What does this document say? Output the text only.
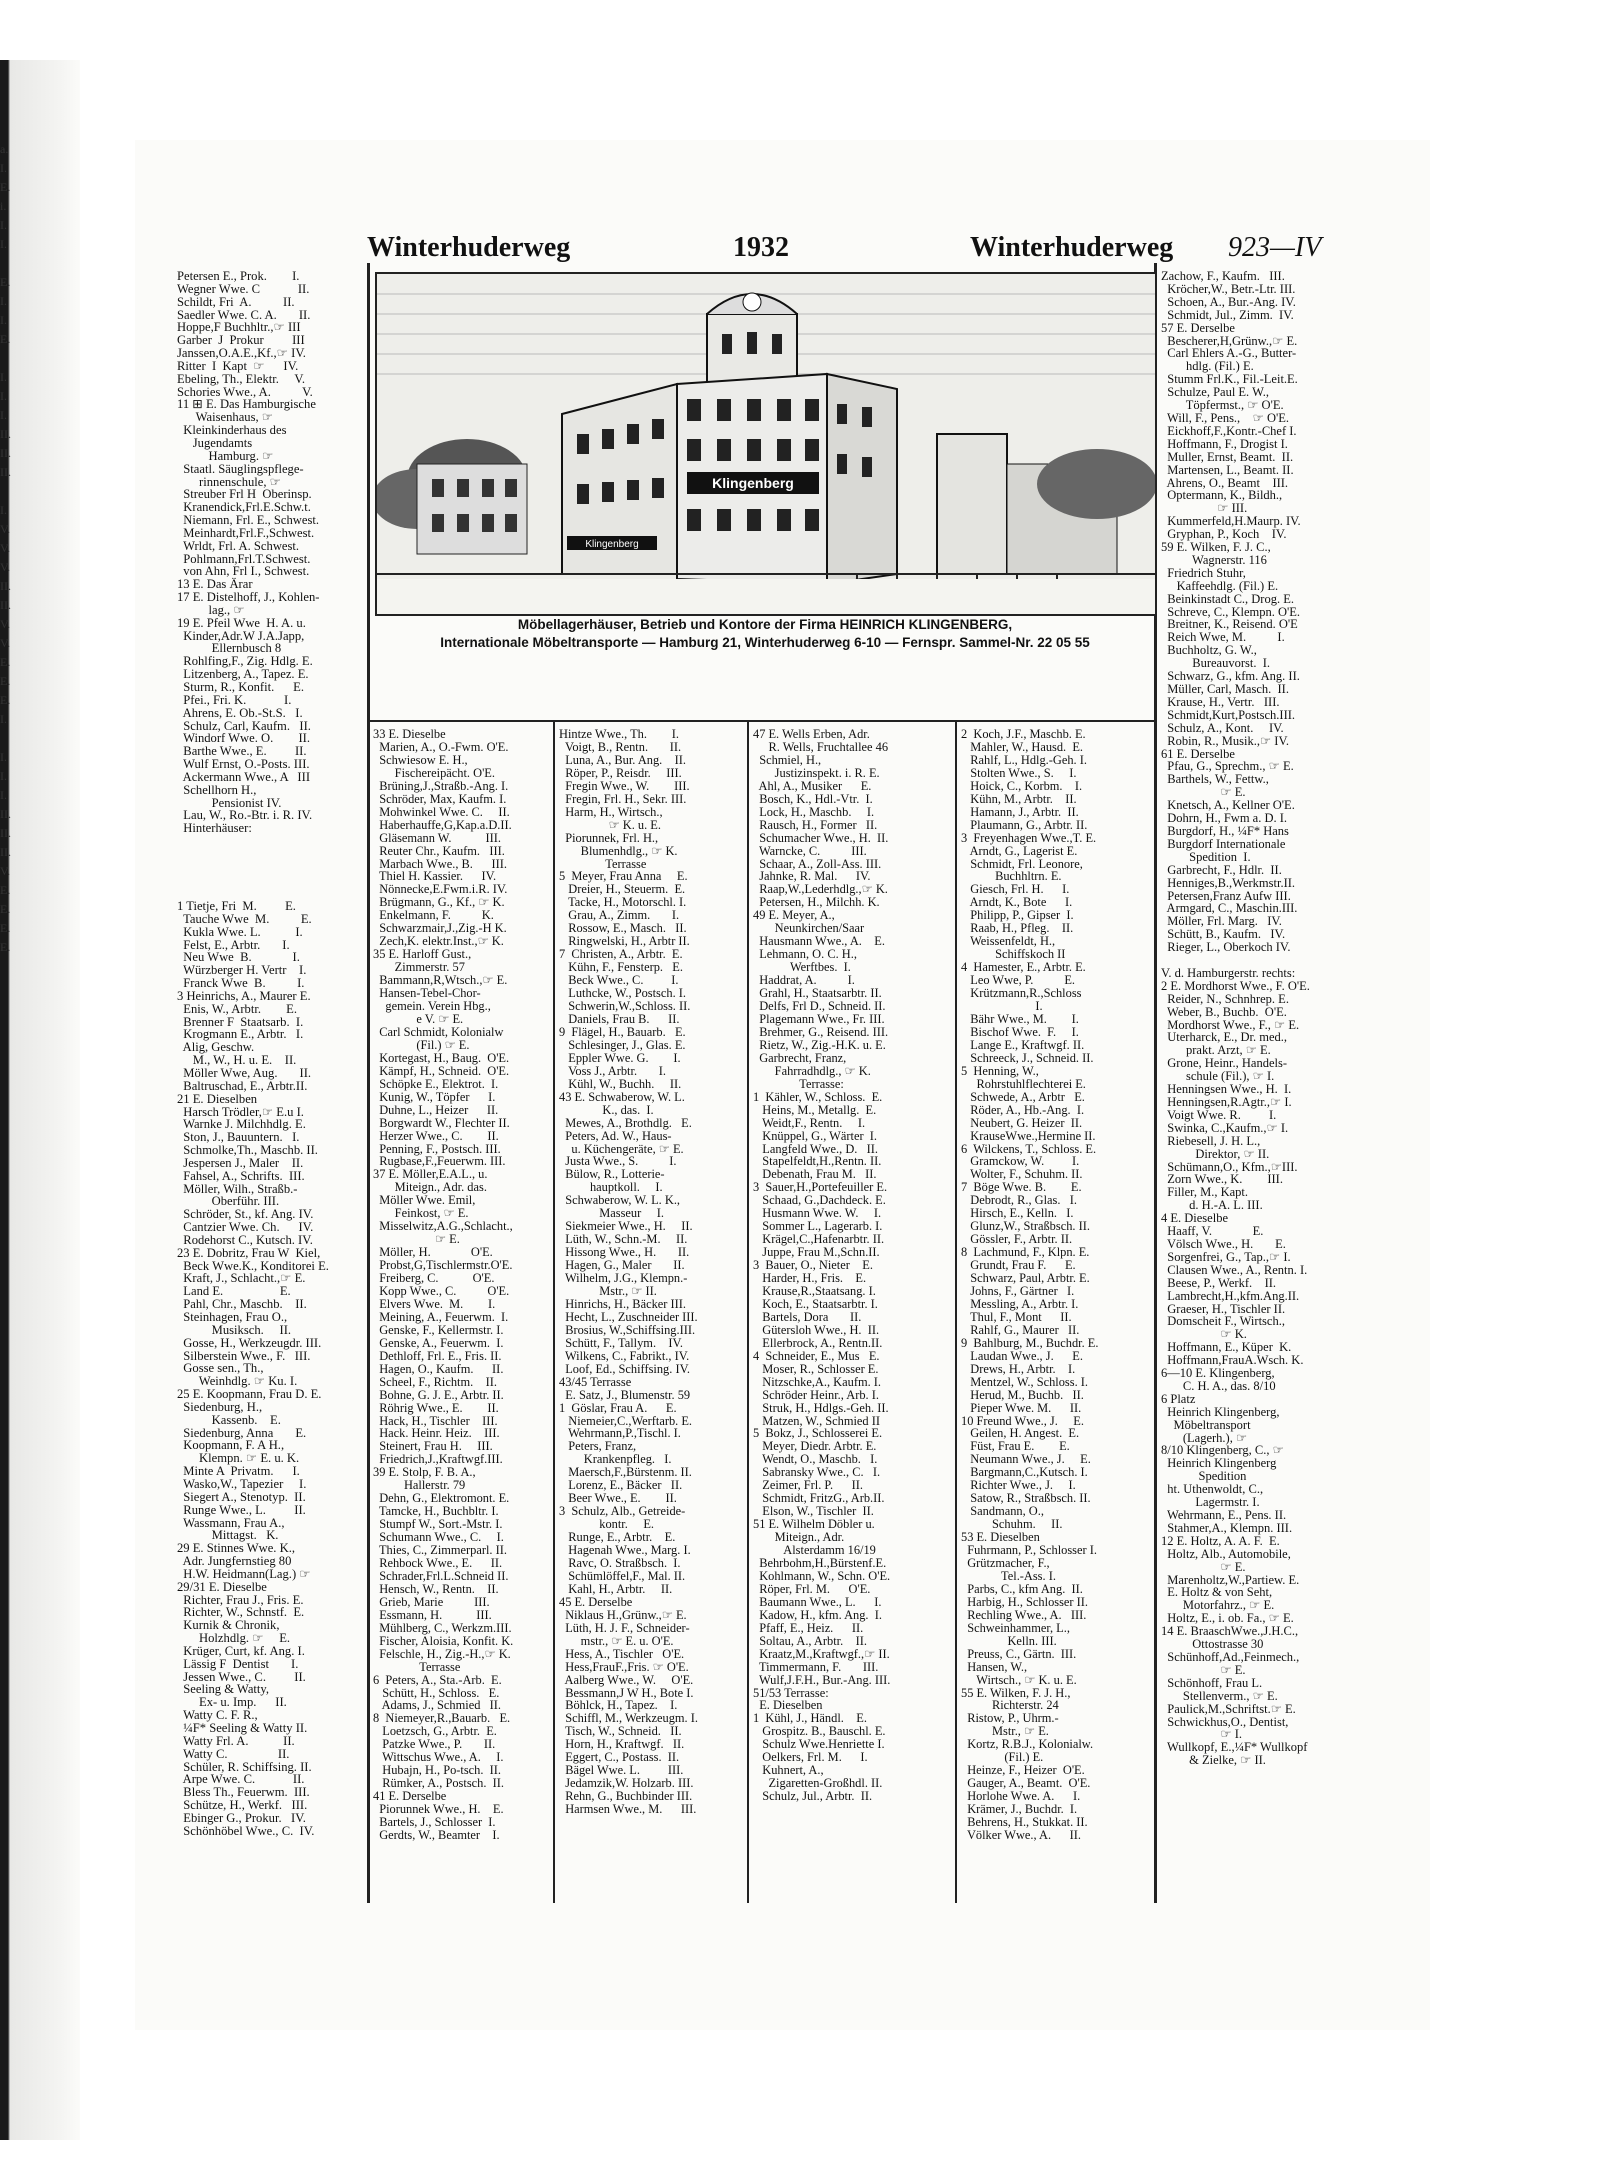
a.
I.
E.
i.
I.
I.

E.
I.
I.
E.

I.
I.
I.
II.
II.
II.

I.
V.
V.
V.
II.
II.
V.
V.
E.
E.
E.
I.

I.
I.
I.
II.
II.
II.
V.
E.
E.
E.
E.
Winterhuderweg	1932	Winterhuderweg 923—IV
Klingenberg
Klingenberg
Möbellagerhäuser, Betrieb und Kontore der Firma HEINRICH KLINGENBERG,
Internationale Möbeltransporte — Hamburg 21, Winterhuderweg 6-10 — Fernspr. Sammel-Nr. 22 05 55
Petersen E., Prok.        I.
Wegner Wwe. C            II.
Schildt, Fri  A.          II.
Saedler Wwe. C. A.       II.
Hoppe,F Buchhltr.,☞ III
Garber  J  Prokur         III
Janssen,O.A.E.,Kf.,☞ IV.
Ritter  I  Kapt  ☞      IV.
Ebeling, Th., Elektr.     V.
Schories Wwe., A.          V.
11 ⊞ E. Das Hamburgische
Waisenhaus, ☞
Kleinkinderhaus des
Jugendamts
Hamburg. ☞
Staatl. Säuglingspflege-
rinnenschule, ☞
Streuber Frl H  Oberinsp.
Kranendick,Frl.E.Schw.t.
Niemann, Frl. E., Schwest.
Meinhardt,Frl.F.,Schwest.
Wrldt, Frl. A. Schwest.
Pohlmann,Frl.T.Schwest.
von Ahn, Frl I., Schwest.
13 E. Das Ärar
17 E. Distelhoff, J., Kohlen-
lag., ☞
19 E. Pfeil Wwe  H. A. u.
Kinder,Adr.W J.A.Japp,
Ellernbusch 8
Rohlfing,F., Zig. Hdlg. E.
Litzenberg, A., Tapez. E.
Sturm, R., Konfit.      E.
Pfei., Fri. K.            I.
Ahrens, E. Ob.-St.S.   I.
Schulz, Carl, Kaufm.   II.
Windorf Wwe. O.        II.
Barthe Wwe., E.         II.
Wulf Ernst, O.-Posts. III.
Ackermann Wwe., A   III
Schellhorn H.,
Pensionist IV.
Lau, W., Ro.-Btr. i. R. IV.
Hinterhäuser:
1 Tietje, Fri  M.         E.
Tauche Wwe  M.          E.
Kukla Wwe. L.           I.
Felst, E., Arbtr.       I.
Neu Wwe  B.             I.
Würzberger H. Vertr    I.
Franck Wwe  B.          I.
3 Heinrichs, A., Maurer E.
Enis, W., Arbtr.        E.
Brenner F  Staatsarb.  I.
Krogmann E., Arbtr.   I.
Alig, Geschw.
M., W., H. u. E.    II.
Möller Wwe, Aug.       II.
Baltruschad, E., Arbtr.II.
21 E. Dieselben
Harsch Trödler,☞ E.u I.
Warnke J. Milchhdlg. E.
Ston, J., Bauuntern.   I.
Schmolke,Th., Maschb. II.
Jespersen J., Maler    II.
Fahsel, A., Schrifts.  III.
Möller, Wilh., Straßb.-
Oberführ. III.
Schröder, St., kf. Ang. IV.
Cantzier Wwe. Ch.      IV.
Rodehorst C., Kutsch. IV.
23 E. Dobritz, Frau W  Kiel,
Beck Wwe.K., Konditorei E.
Kraft, J., Schlacht.,☞ E.
Land E.                  E.
Pahl, Chr., Maschb.    II.
Steinhagen, Frau O.,
Musiksch.     II.
Gosse, H., Werkzeugdr. III.
Silberstein Wwe., F.   III.
Gosse sen., Th.,
Weinhdlg. ☞ Ku. I.
25 E. Koopmann, Frau D. E.
Siedenburg, H.,
Kassenb.    E.
Siedenburg, Anna       E.
Koopmann, F. A H.,
Klempn. ☞ E. u. K.
Minte A  Privatm.      I.
Wasko,W., Tapezier     I.
Siegert A., Stenotyp.  II.
Runge Wwe., L.         II.
Wassmann, Frau A.,
Mittagst.   K.
29 E. Stinnes Wwe. K.,
Adr. Jungfernstieg 80
H.W. Heidmann(Lag.) ☞
29/31 E. Dieselbe
Richter, Frau J., Fris. E.
Richter, W., Schnstf.  E.
Kurnik & Chronik,
Holzhdlg. ☞     E.
Krüger, Curt, kf. Ang. I.
Lässig F  Dentist       I.
Jessen Wwe., C.         II.
Seeling & Watty,
Ex- u. Imp.      II.
Watty C. F. R.,
¼F* Seeling & Watty II.
Watty Frl. A.           II.
Watty C.                II.
Schüler, R. Schiffsing. II.
Arpe Wwe. C.            II.
Bless Th., Feuerwm.  III.
Schütze, H., Werkf.   III.
Ebinger G., Prokur.   IV.
Schönhöbel Wwe., C.  IV.
33 E. Dieselbe
Marien, A., O.-Fwm. O'E.
Schwiesow E. H.,
Fischereipächt. O'E.
Brüning,J.,Straßb.-Ang. I.
Schröder, Max, Kaufm. I.
Mohwinkel Wwe. C.     II.
Haberhauffe,G,Kap.a.D.II.
Gläsemann W.           III.
Reuter Chr., Kaufm.   III.
Marbach Wwe., B.      III.
Thiel H. Kassier.      IV.
Nönnecke,E.Fwm.i.R. IV.
Brügmann, G., Kf., ☞ K.
Enkelmann, F.          K.
Schwarzmair,J.,Zig.-H K.
Zech,K. elektr.Inst.,☞ K.
35 E. Harloff Gust.,
Zimmerstr. 57
Bammann,R,Wtsch.,☞ E.
Hansen-Tebel-Chor-
gemein. Verein Hbg.,
e V. ☞ E.
Carl Schmidt, Kolonialw
(Fil.) ☞ E.
Kortegast, H., Baug.  O'E.
Kämpf, H., Schneid.  O'E.
Schöpke E., Elektrot.  I.
Kunig, W., Töpfer      I.
Duhne, L., Heizer      II.
Borgwardt W., Flechter II.
Herzer Wwe., C.        II.
Penning, F., Postsch. III.
Rugbase,F.,Feuerwm. III.
37 E. Möller,E.A.L., u.
Miteign., Adr. das.
Möller Wwe. Emil,
Feinkost, ☞ E.
Misselwitz,A.G.,Schlacht.,
☞ E.
Möller, H.             O'E.
Probst,G,Tischlermstr.O'E.
Freiberg, C.           O'E.
Kopp Wwe., C.          O'E.
Elvers Wwe.  M.        I.
Meining, A., Feuerwm.  I.
Genske, F., Kellermstr. I.
Genske, A., Feuerwm.  I.
Dethloff, Frl. E., Fris. II.
Hagen, O., Kaufm.      II.
Scheel, F., Richtm.    II.
Bohne, G. J. E., Arbtr. II.
Röhrig Wwe., E.        II.
Hack, H., Tischler    III.
Hack. Heinr. Heiz.    III.
Steinert, Frau H.     III.
Friedrich,J.,Kraftwgf.III.
39 E. Stolp, F. B. A.,
Hallerstr. 79
Dehn, G., Elektromont. E.
Tamcke, H., Buchbltr. I.
Stumpf W., Sort.-Mstr. I.
Schumann Wwe., C.     I.
Thies, C., Zimmerparl. II.
Rehbock Wwe., E.      II.
Schrader,Frl.L.Schneid II.
Hensch, W., Rentn.    II.
Grieb, Marie          III.
Essmann, H.           III.
Mühlberg, C., Werkzm.III.
Fischer, Aloisia, Konfit. K.
Felschle, H., Zig.-H.,☞ K.
Terrasse
6  Peters, A., Sta.-Arb.  E.
Schütt, H., Schloss.   E.
Adams, J., Schmied   II.
8  Niemeyer,R.,Bauarb.   E.
Loetzsch, G., Arbtr.  E.
Patzke Wwe., P.       II.
Wittschus Wwe., A.     I.
Hubajn, H., Po-tsch.  II.
Rümker, A., Postsch.  II.
41 E. Derselbe
Piorunnek Wwe., H.    E.
Bartels, J., Schlosser  I.
Gerdts, W., Beamter    I.
Hintze Wwe., Th.        I.
Voigt, B., Rentn.       II.
Luna, A., Bur. Ang.    II.
Röper, P., Reisdr.     III.
Fregin Wwe., W.        III.
Fregin, Frl. H., Sekr. III.
Harm, H., Wirtsch.,
☞ K. u. E.
Piorunnek, Frl. H.,
Blumenhdlg., ☞ K.
Terrasse
5  Meyer, Frau Anna     E.
Dreier, H., Steuerm.  E.
Tacke, H., Motorschl. I.
Grau, A., Zimm.       I.
Rossow, E., Masch.   II.
Ringwelski, H., Arbtr II.
7  Christen, A., Arbtr.  E.
Kühn, F., Fensterp.   E.
Beck Wwe., C.         I.
Luthcke, W., Postsch. I.
Schwerin,W.,Schloss. II.
Daniels, Frau B.      II.
9  Flägel, H., Bauarb.   E.
Schlesinger, J., Glas. E.
Eppler Wwe. G.        I.
Voss J., Arbtr.       I.
Kühl, W., Buchh.     II.
43 E. Schwaberow, W. L.
K., das.  I.
Mewes, A., Brothdlg.   E.
Peters, Ad. W., Haus-
u. Küchengeräte, ☞ E.
Justa Wwe., S.          I.
Bülow, R., Lotterie-
hauptkoll.     I.
Schwaberow, W. L. K.,
Masseur     I.
Siekmeier Wwe., H.     II.
Lüth, W., Schn.-M.     II.
Hissong Wwe., H.       II.
Hagen, G., Maler       II.
Wilhelm, J.G., Klempn.-
Mstr., ☞ II.
Hinrichs, H., Bäcker III.
Hecht, L., Zuschneider III.
Brosius, W.,Schiffsing.III.
Schütt, F., Tallym.    IV.
Wilkens, C., Fabrikt., IV.
Loof, Ed., Schiffsing. IV.
43/45 Terrasse
E. Satz, J., Blumenstr. 59
1  Göslar, Frau A.      E.
Niemeier,C.,Werftarb. E.
Wehrmann,P.,Tischl. I.
Peters, Franz,
Krankenpfleg.   I.
Maersch,F.,Bürstenm. II.
Lorenz, E., Bäcker   II.
Beer Wwe., E.        II.
3  Schulz, Alb., Getreide-
kontr.     E.
Runge, E., Arbtr.    E.
Hagenah Wwe., Marg. I.
Ravc, O. Straßbsch.  I.
Schümlöffel,F., Mal. II.
Kahl, H., Arbtr.     II.
45 E. Derselbe
Niklaus H.,Grünw.,☞ E.
Lüth, H. J. F., Schneider-
mstr., ☞ E. u. O'E.
Hess, A., Tischler   O'E.
Hess,FrauF.,Fris. ☞ O'E.
Aalberg Wwe., W.     O'E.
Bessmann,J W H., Bote I.
Böhlck, H., Tapez.    I.
Schiffl, M., Werkzeugm. I.
Tisch, W., Schneid.   II.
Horn, H., Kraftwgf.   II.
Eggert, C., Postass.  II.
Bägel Wwe. L.         III.
Jedamzik,W. Holzarb. III.
Rehn, G., Buchbinder III.
Harmsen Wwe., M.      III.
47 E. Wells Erben, Adr.
R. Wells, Fruchtallee 46
Schmiel, H.,
Justizinspekt. i. R. E.
Ahl, A., Musiker      E.
Bosch, K., Hdl.-Vtr.  I.
Lock, H., Maschb.     I.
Rausch, H., Former   II.
Schumacher Wwe., H.  II.
Warncke, C.          III.
Schaar, A., Zoll-Ass. III.
Jahnke, R. Mal.      IV.
Raap,W.,Lederhdlg.,☞ K.
Petersen, H., Milchh. K.
49 E. Meyer, A.,
Neunkirchen/Saar
Hausmann Wwe., A.    E.
Lehmann, O. C. H.,
Werftbes.  I.
Haddrat, A.          I.
Grahl, H., Staatsarbtr. II.
Delfs, Frl D., Schneid. II.
Plagemann Wwe., Fr. III.
Brehmer, G., Reisend. III.
Rietz, W., Zig.-H.K. u. E.
Garbrecht, Franz,
Fahrradhdlg., ☞ K.
Terrasse:
1  Kähler, W., Schloss.  E.
Heins, M., Metallg.  E.
Weidt,F., Rentn.     I.
Knüppel, G., Wärter  I.
Langfeld Wwe., D.   II.
Stapelfeldt,H.,Rentn. II.
Debenath, Frau M.   II.
3  Sauer,H.,Portefeuiller E.
Schaad, G.,Dachdeck. E.
Husmann Wwe. W.     I.
Sommer L., Lagerarb. I.
Krägel,C.,Hafenarbtr. II.
Juppe, Frau M.,Schn.II.
3  Bauer, O., Nieter    E.
Harder, H., Fris.    E.
Krause,R.,Staatsang. I.
Koch, E., Staatsarbtr. I.
Bartels, Dora       II.
Gütersloh Wwe., H.  II.
Ellerbrock, A., Rentn.II.
4  Schneider, E., Mus   E.
Moser, R., Schlosser E.
Nitzschke,A., Kaufm. I.
Schröder Heinr., Arb. I.
Struk, H., Hdlgs.-Geh. II.
Matzen, W., Schmied II
5  Bokz, J., Schlosserei E.
Meyer, Diedr. Arbtr. E.
Wendt, O., Maschb.   I.
Sabransky Wwe., C.   I.
Zeimer, Frl. P.      II.
Schmidt, FritzG., Arb.II.
Elson, W., Tischler  II.
51 E. Wilhelm Döbler u.
Miteign., Adr.
Alsterdamm 16/19
Behrbohm,H.,Bürstenf.E.
Kohlmann, W., Schn. O'E.
Röper, Frl. M.      O'E.
Baumann Wwe., L.      I.
Kadow, H., kfm. Ang.  I.
Pfaff, E., Heiz.      II.
Soltau, A., Arbtr.    II.
Kraatz,M.,Kraftwgf.,☞ II.
Timmermann, F.       III.
Wulf,J.F.H., Bur.-Ang. III.
51/53 Terrasse:
E. Dieselben
1  Kühl, J., Händl.    E.
Grospitz. B., Bauschl. E.
Schulz Wwe.Henriette I.
Oelkers, Frl. M.      I.
Kuhnert, A.,
Zigaretten-Großhdl. II.
Schulz, Jul., Arbtr.  II.
2  Koch, J.F., Maschb. E.
Mahler, W., Hausd.  E.
Rahlf, L., Hdlg.-Geh. I.
Stolten Wwe., S.     I.
Hoick, C., Korbm.    I.
Kühn, M., Arbtr.    II.
Hamann, J., Arbtr.  II.
Plaumann, G., Arbtr. II.
3  Freyenhagen Wwe.,T. E.
Arndt, G., Lagerist E.
Schmidt, Frl. Leonore,
Buchhltrn. E.
Giesch, Frl. H.      I.
Arndt, K., Bote      I.
Philipp, P., Gipser  I.
Raab, H., Pfleg.    II.
Weissenfeldt, H.,
Schiffskoch II
4  Hamester, E., Arbtr. E.
Leo Wwe, P.          E.
Krützmann,R.,Schloss
I.
Bähr Wwe., M.        I.
Bischof Wwe.  F.     I.
Lange E., Kraftwgf. II.
Schreeck, J., Schneid. II.
5  Henning, W.,
Rohrstuhlflechterei E.
Schwede, A., Arbtr   E.
Röder, A., Hb.-Ang.  I.
Neubert, G. Heizer  II.
KrauseWwe.,Hermine II.
6  Wilckens, T., Schloss. E.
Gramckow, W.         I.
Wolter, F., Schuhm. II.
7  Böge Wwe. B.        E.
Debrodt, R., Glas.   I.
Hirsch, E., Kelln.   I.
Glunz,W., Straßbsch. II.
Gössler, F., Arbtr. II.
8  Lachmund, F., Klpn. E.
Grundt, Frau F.      E.
Schwarz, Paul, Arbtr. E.
Johns, F., Gärtner   I.
Messling, A., Arbtr. I.
Thul, F., Mont      II.
Rahlf, G., Maurer   II.
9  Bahlburg, M., Buchdr. E.
Laudan Wwe., J.      E.
Drews, H., Arbtr.    I.
Mentzel, W., Schloss. I.
Herud, M., Buchb.   II.
Pieper Wwe. M.      II.
10 Freund Wwe., J.     E.
Geilen, H. Angest.  E.
Füst, Frau E.        E.
Neumann Wwe., J.     E.
Bargmann,C.,Kutsch. I.
Richter Wwe., J.     I.
Satow, R., Straßbsch. II.
Sandmann, O.,
Schuhm.     II.
53 E. Dieselben
Fuhrmann, P., Schlosser I.
Grützmacher, F.,
Tel.-Ass. I.
Parbs, C., kfm Ang.  II.
Harbig, H., Schlosser II.
Rechling Wwe., A.   III.
Schweinhammer, L.,
Kelln. III.
Preuss, C., Gärtn.  III.
Hansen, W.,
Wirtsch., ☞ K. u. E.
55 E. Wilken, F. J. H.,
Richterstr. 24
Ristow, P., Uhrm.-
Mstr., ☞ E.
Kortz, R.B.J., Kolonialw.
(Fil.) E.
Heinze, F., Heizer  O'E.
Gauger, A., Beamt.  O'E.
Horlohe Wwe. A.      I.
Krämer, J., Buchdr.  I.
Behrens, H., Stukkat. II.
Völker Wwe., A.      II.
Zachow, F., Kaufm.   III.
Kröcher,W., Betr.-Ltr. III.
Schoen, A., Bur.-Ang. IV.
Schmidt, Jul., Zimm.  IV.
57 E. Derselbe
Bescherer,H,Grünw.,☞ E.
Carl Ehlers A.-G., Butter-
hdlg. (Fil.) E.
Stumm Frl.K., Fil.-Leit.E.
Schulze, Paul E. W.,
Töpfermst., ☞ O'E.
Will, F., Pens.,    ☞ O'E.
Eickhoff,F.,Kontr.-Chef I.
Hoffmann, F., Drogist I.
Muller, Ernst, Beamt.  II.
Martensen, L., Beamt. II.
Ahrens, O., Beamt    III.
Optermann, K., Bildh.,
☞ III.
Kummerfeld,H.Maurp. IV.
Gryphan, P., Koch    IV.
59 E. Wilken, F. J. C.,
Wagnerstr. 116
Friedrich Stuhr,
Kaffeehdlg. (Fil.) E.
Beinkinstadt C., Drog. E.
Schreve, C., Klempn. O'E.
Breitner, K., Reisend. O'E
Reich Wwe, M.          I.
Buchholtz, G. W.,
Bureauvorst.  I.
Schwarz, G., kfm. Ang. II.
Müller, Carl, Masch.  II.
Krause, H., Vertr.   III.
Schmidt,Kurt,Postsch.III.
Schulz, A., Kont.     IV.
Robin, R., Musik.,☞ IV.
61 E. Derselbe
Pfau, G., Sprechm., ☞ E.
Barthels, W., Fettw.,
☞ E.
Knetsch, A., Kellner O'E.
Dohrn, H., Fwm a. D. I.
Burgdorf, H., ¼F* Hans
Burgdorf Internationale
Spedition  I.
Garbrecht, F., Hdlr.  II.
Henniges,B.,Werkmstr.II.
Petersen,Franz Aufw III.
Armgard, C., Maschin.III.
Möller, Frl. Marg.   IV.
Schütt, B., Kaufm.   IV.
Rieger, L., Oberkoch IV.

V. d. Hamburgerstr. rechts:
2 E. Mordhorst Wwe., F. O'E.
Reider, N., Schnhrep. E.
Weber, B., Buchb.  O'E.
Mordhorst Wwe., F., ☞ E.
Uterharck, E., Dr. med.,
prakt. Arzt, ☞ E.
Grone, Heinr., Handels-
schule (Fil.), ☞ I.
Henningsen Wwe., H.  I.
Henningsen,R.Agtr.,☞ I.
Voigt Wwe. R.         I.
Swinka, C.,Kaufm.,☞ I.
Riebesell, J. H. L.,
Direktor, ☞ II.
Schümann,O., Kfm.,☞III.
Zorn Wwe., K.        III.
Filler, M., Kapt.
d. H.-A. L. III.
4 E. Dieselbe
Haaff, V.             E.
Völsch Wwe., H.       E.
Sorgenfrei, G., Tap.,☞ I.
Clausen Wwe., A., Rentn. I.
Beese, P., Werkf.    II.
Lambrecht,H.,kfm.Ang.II.
Graeser, H., Tischler II.
Domscheit F., Wirtsch.,
☞ K.
Hoffmann, E., Küper  K.
Hoffmann,FrauA.Wsch. K.
6—10 E. Klingenberg,
C. H. A., das. 8/10
6 Platz
Heinrich Klingenberg,
Möbeltransport
(Lagerh.), ☞
8/10 Klingenberg, C., ☞
Heinrich Klingenberg
Spedition
ht. Uthenwoldt, C.,
Lagermstr. I.
Wehrmann, E., Pens. II.
Stahmer,A., Klempn. III.
12 E. Holtz, A. A. F.  E.
Holtz, Alb., Automobile,
☞ E.
Marenholtz,W.,Partiew. E.
E. Holtz & von Seht,
Motorfahrz., ☞ E.
Holtz, E., i. ob. Fa., ☞ E.
14 E. BraaschWwe.,J.H.C.,
Ottostrasse 30
Schünhoff,Ad.,Feinmech.,
☞ E.
Schönhoff, Frau L.
Stellenverm., ☞ E.
Paulick,M.,Schriftst.☞ E.
Schwickhus,O., Dentist,
☞ I.
Wullkopf, E.,¼F* Wullkopf
& Zielke, ☞ II.
